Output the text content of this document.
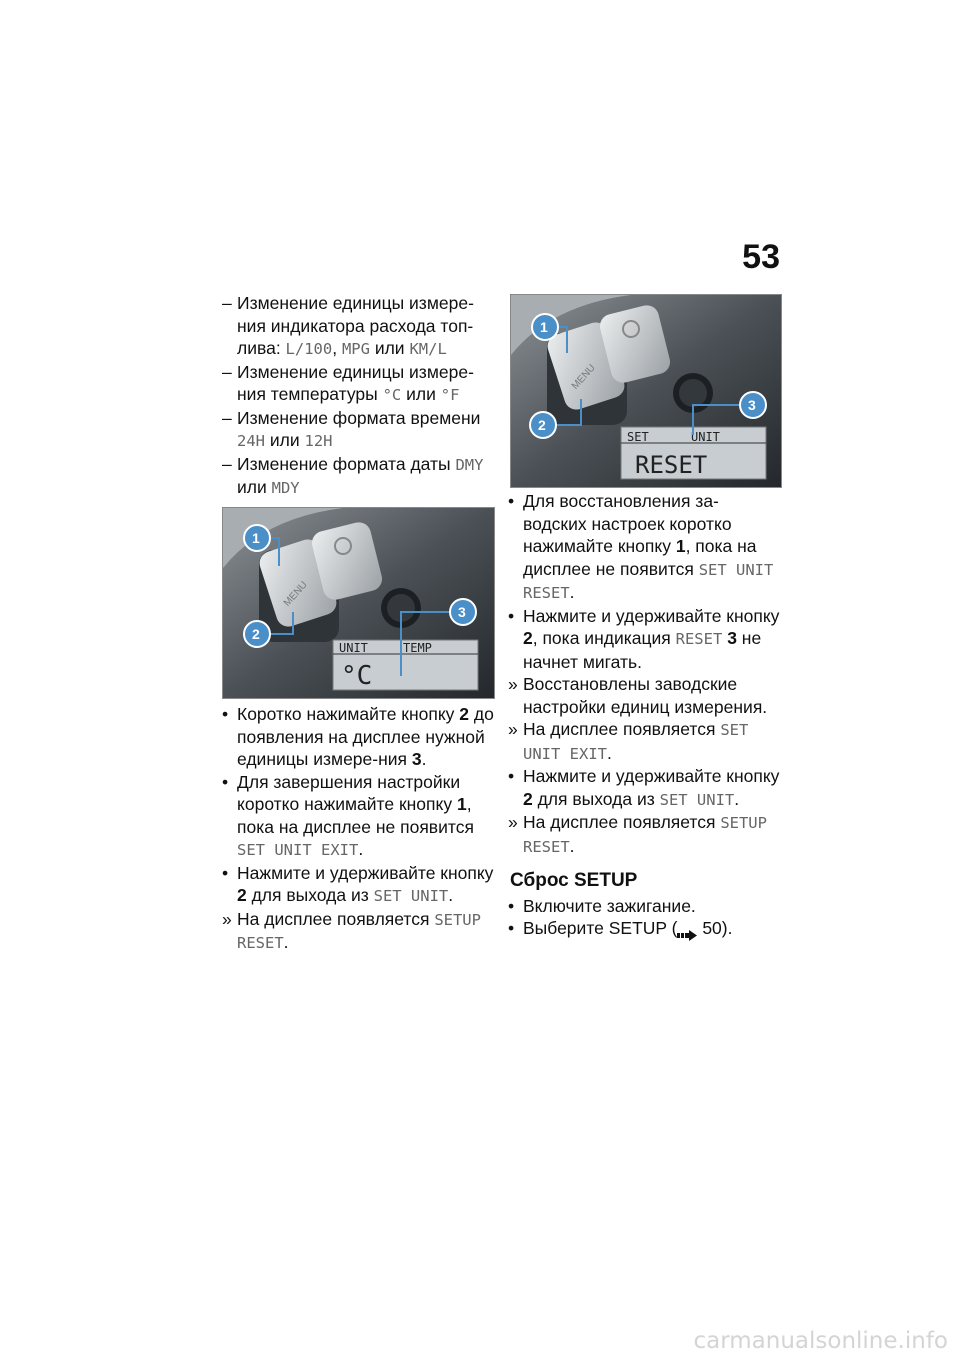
53
– Изменение единицы измере-ния индикатора расхода топ-лива: L/100, MPG или KM/L
– Изменение единицы измере-ния температуры °C или °F
– Изменение формата времени 24H или 12H
– Изменение формата даты DMY или MDY
MENU
UNIT	TEMP
°C
1
2
3
• Коротко нажимайте кнопку 2 до появления на дисплее нужной единицы измере-ния 3.
• Для завершения настройки коротко нажимайте кнопку 1, пока на дисплее не появится SET UNIT EXIT.
• Нажмите и удерживайте кнопку 2 для выхода из SET UNIT.
» На дисплее появляется SETUP RESET.
MENU
SET	UNIT
RESET
1
2
3
• Для восстановления за-водских настроек коротко нажимайте кнопку 1, пока на дисплее не появится SET UNIT RESET.
• Нажмите и удерживайте кнопку 2, пока индикация RESET 3 не начнет мигать.
» Восстановлены заводские настройки единиц измерения.
» На дисплее появляется SET UNIT EXIT.
• Нажмите и удерживайте кнопку 2 для выхода из SET UNIT.
» На дисплее появляется SETUP RESET.
Сброс SETUP
• Включите зажигание.
• Выберите SETUP ( 50).
carmanualsonline.info
